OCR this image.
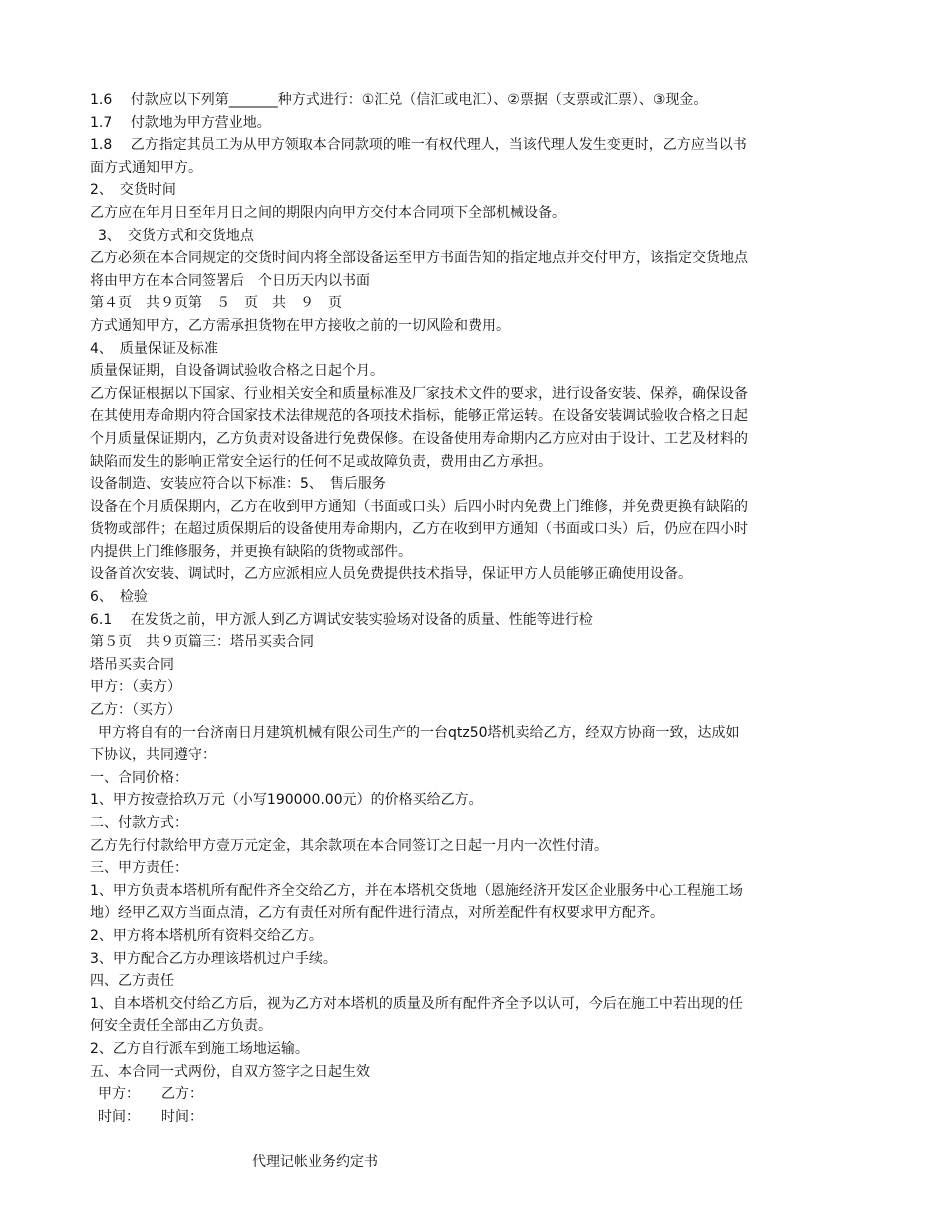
1.6　 付款应以下列第_______种方式进行：①汇兑（信汇或电汇）、②票据（支票或汇票）、③现金。
1.7　 付款地为甲方营业地。
1.8　 乙方指定其员工为从甲方领取本合同款项的唯一有权代理人，当该代理人发生变更时，乙方应当以书
面方式通知甲方。
2、　交货时间
乙方应在年月日至年月日之间的期限内向甲方交付本合同项下全部机械设备。
3、　交货方式和交货地点
乙方必须在本合同规定的交货时间内将全部设备运至甲方书面告知的指定地点并交付甲方，该指定交货地点
将由甲方在本合同签署后　个日历天内以书面
第４页　共９页第　５　页　共　９　页
方式通知甲方，乙方需承担货物在甲方接收之前的一切风险和费用。
4、　质量保证及标准
质量保证期，自设备调试验收合格之日起个月。
乙方保证根据以下国家、行业相关安全和质量标准及厂家技术文件的要求，进行设备安装、保养，确保设备
在其使用寿命期内符合国家技术法律规范的各项技术指标，能够正常运转。在设备安装调试验收合格之日起
个月质量保证期内，乙方负责对设备进行免费保修。在设备使用寿命期内乙方应对由于设计、工艺及材料的
缺陷而发生的影响正常安全运行的任何不足或故障负责，费用由乙方承担。
设备制造、安装应符合以下标准：5、　售后服务
设备在个月质保期内，乙方在收到甲方通知（书面或口头）后四小时内免费上门维修，并免费更换有缺陷的
货物或部件；在超过质保期后的设备使用寿命期内，乙方在收到甲方通知（书面或口头）后，仍应在四小时
内提供上门维修服务，并更换有缺陷的货物或部件。
设备首次安装、调试时，乙方应派相应人员免费提供技术指导，保证甲方人员能够正确使用设备。
6、　检验
6.1　 在发货之前，甲方派人到乙方调试安装实验场对设备的质量、性能等进行检
第５页　共９页篇三：塔吊买卖合同
塔吊买卖合同
甲方：（卖方）
乙方：（买方）
甲方将自有的一台济南日月建筑机械有限公司生产的一台qtz50塔机卖给乙方，经双方协商一致，达成如
下协议，共同遵守：
一、合同价格：
1、甲方按壹拾玖万元（小写190000.00元）的价格买给乙方。
二、付款方式：
乙方先行付款给甲方壹万元定金，其余款项在本合同签订之日起一月内一次性付清。
三、甲方责任：
1、甲方负责本塔机所有配件齐全交给乙方，并在本塔机交货地（恩施经济开发区企业服务中心工程施工场
地）经甲乙双方当面点清，乙方有责任对所有配件进行清点，对所差配件有权要求甲方配齐。
2、甲方将本塔机所有资料交给乙方。
3、甲方配合乙方办理该塔机过户手续。
四、乙方责任
1、自本塔机交付给乙方后，视为乙方对本塔机的质量及所有配件齐全予以认可，今后在施工中若出现的任
何安全责任全部由乙方负责。
2、乙方自行派车到施工场地运输。
五、本合同一式两份，自双方签字之日起生效
甲方：　　乙方：
时间：　　时间：
代理记帐业务约定书
